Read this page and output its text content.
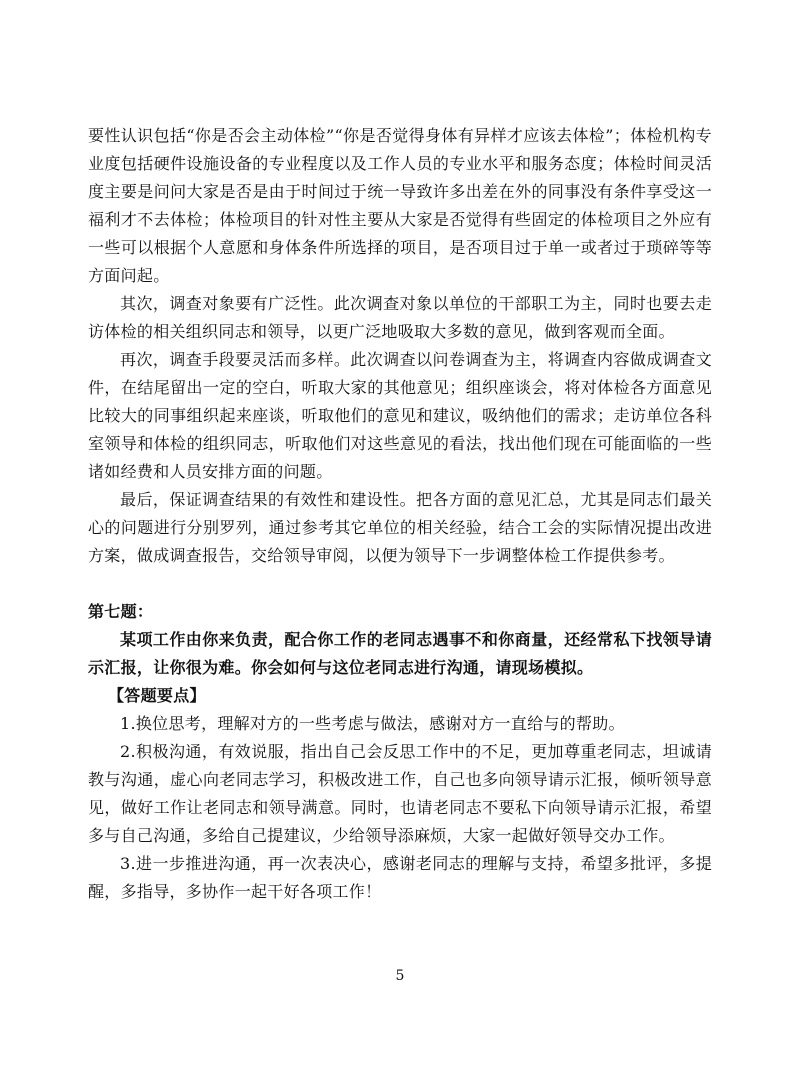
要性认识包括“你是否会主动体检”“你是否觉得身体有异样才应该去体检”；体检机构专业度包括硬件设施设备的专业程度以及工作人员的专业水平和服务态度；体检时间灵活度主要是问问大家是否是由于时间过于统一导致许多出差在外的同事没有条件享受这一福利才不去体检；体检项目的针对性主要从大家是否觉得有些固定的体检项目之外应有一些可以根据个人意愿和身体条件所选择的项目，是否项目过于单一或者过于琐碎等等方面问起。

其次，调查对象要有广泛性。此次调查对象以单位的干部职工为主，同时也要去走访体检的相关组织同志和领导，以更广泛地吸取大多数的意见，做到客观而全面。

再次，调查手段要灵活而多样。此次调查以问卷调查为主，将调查内容做成调查文件，在结尾留出一定的空白，听取大家的其他意见；组织座谈会，将对体检各方面意见比较大的同事组织起来座谈，听取他们的意见和建议，吸纳他们的需求；走访单位各科室领导和体检的组织同志，听取他们对这些意见的看法，找出他们现在可能面临的一些诸如经费和人员安排方面的问题。

最后，保证调查结果的有效性和建设性。把各方面的意见汇总，尤其是同志们最关心的问题进行分别罗列，通过参考其它单位的相关经验，结合工会的实际情况提出改进方案，做成调查报告，交给领导审阅，以便为领导下一步调整体检工作提供参考。

第七题：

某项工作由你来负责，配合你工作的老同志遇事不和你商量，还经常私下找领导请示汇报，让你很为难。你会如何与这位老同志进行沟通，请现场模拟。

【答题要点】

1.换位思考，理解对方的一些考虑与做法，感谢对方一直给与的帮助。

2.积极沟通，有效说服，指出自己会反思工作中的不足，更加尊重老同志，坦诚请教与沟通，虚心向老同志学习，积极改进工作，自己也多向领导请示汇报，倾听领导意见，做好工作让老同志和领导满意。同时，也请老同志不要私下向领导请示汇报，希望多与自己沟通，多给自己提建议，少给领导添麻烦，大家一起做好领导交办工作。

3.进一步推进沟通，再一次表决心，感谢老同志的理解与支持，希望多批评，多提醒，多指导，多协作一起干好各项工作！

5
